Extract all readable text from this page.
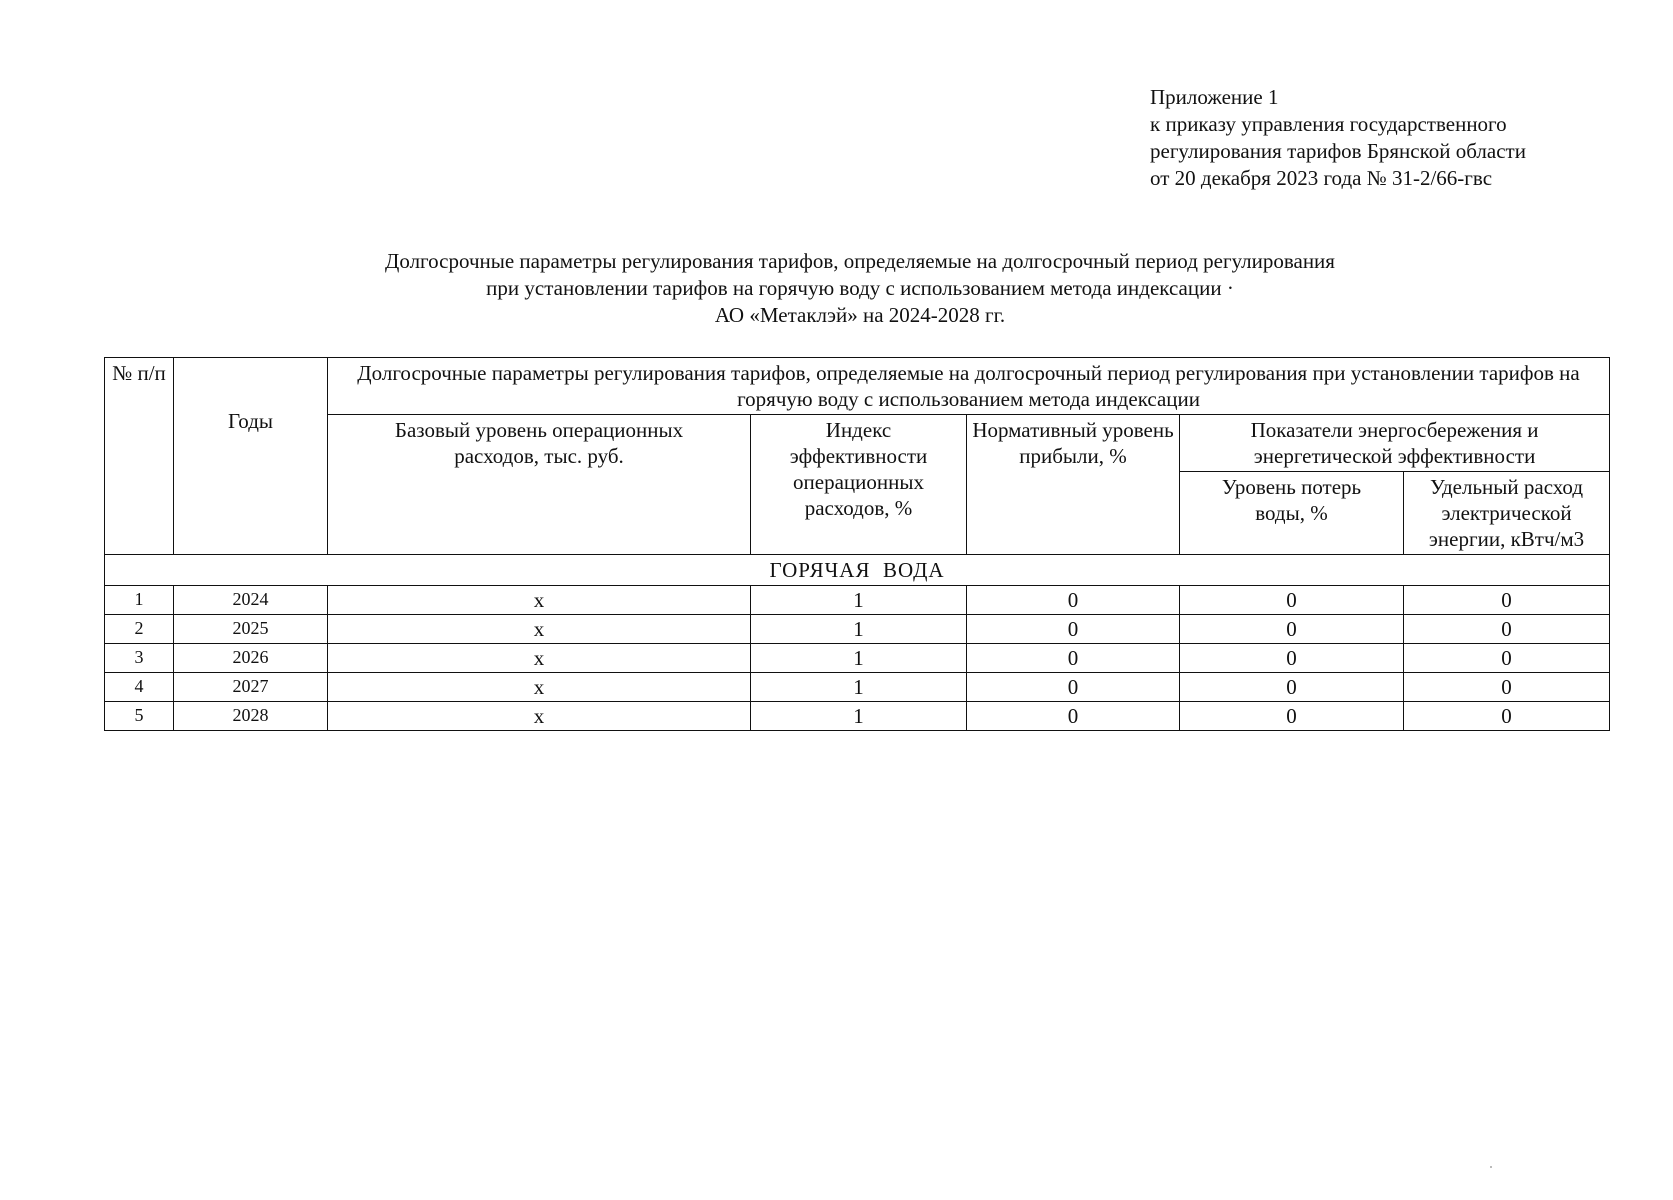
Приложение 1
к приказу управления государственного
регулирования тарифов Брянской области
от 20 декабря 2023 года № 31-2/66-гвс
Долгосрочные параметры регулирования тарифов, определяемые на долгосрочный период регулирования
при установлении тарифов на горячую воду с использованием метода индексации ·
АО «Метаклэй» на 2024-2028 гг.
№ п/п	Годы	Долгосрочные параметры регулирования тарифов, определяемые на долгосрочный период регулирования при установлении тарифов на горячую воду с использованием метода индексации				
		Базовый уровень операционных расходов, тыс. руб.	Индекс эффективности операционных расходов, %	Нормативный уровень прибыли, %	Показатели энергосбережения и энергетической эффективности	
					Уровень потерь воды, %	Удельный расход электрической энергии, кВтч/м3
ГОРЯЧАЯ  ВОДА						
1	2024	х	1	0	0	0
2	2025	х	1	0	0	0
3	2026	х	1	0	0	0
4	2027	х	1	0	0	0
5	2028	х	1	0	0	0
